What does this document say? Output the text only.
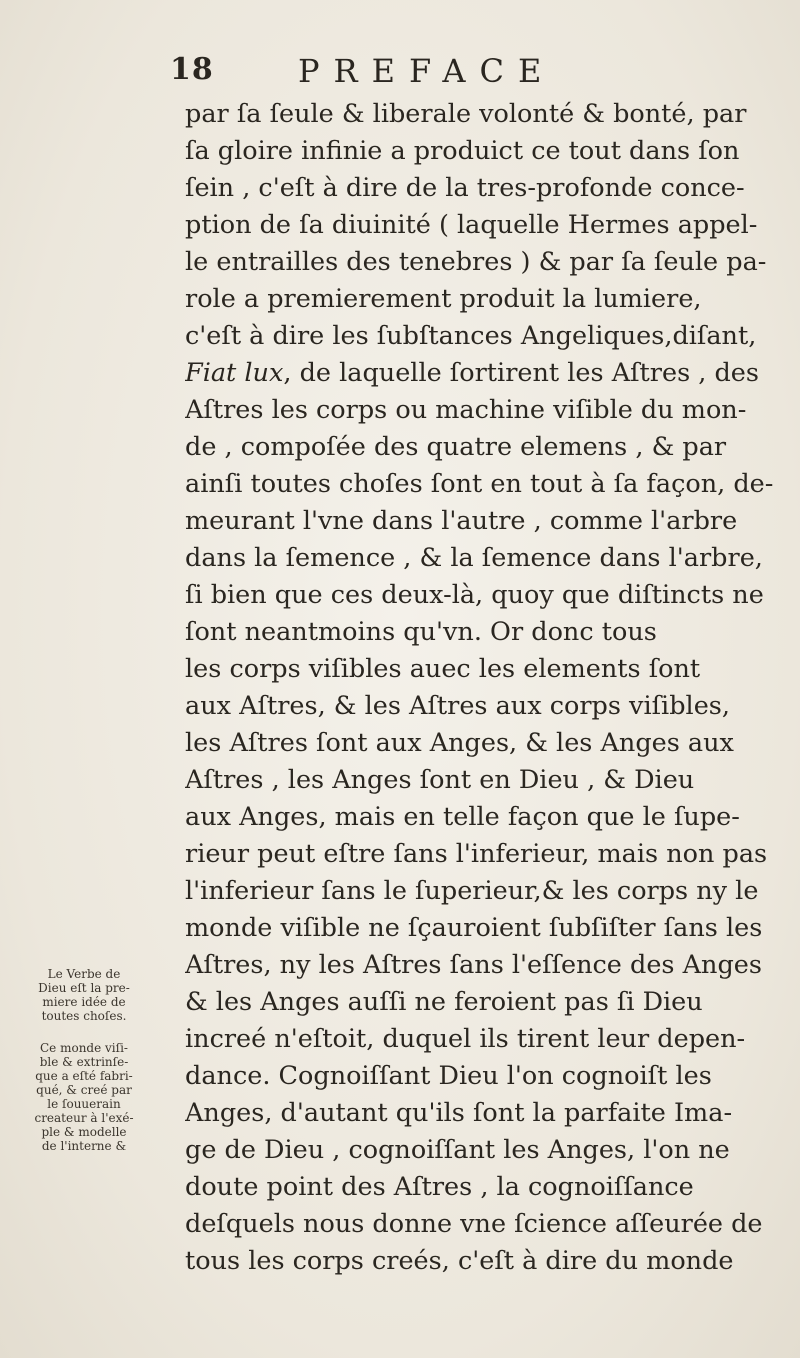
18	PREFACE
Le Verbe de
Dieu eſt la pre-
miere idée de
toutes choſes.
Ce monde viſi-
ble & extrinſe-
que a eſté fabri-
qué, & creé par
le ſouuerain
createur à l'exé-
ple & modelle
de l'interne &
par ſa ſeule & liberale volonté & bonté, par
ſa gloire infinie a produict ce tout dans ſon
ſein , c'eſt à dire de la tres-profonde conce-
ption de ſa diuinité ( laquelle Hermes appel-
le entrailles des tenebres ) & par ſa ſeule pa-
role a premierement produit la lumiere,
c'eſt à dire les ſubſtances Angeliques,diſant,
Fiat lux, de laquelle ſortirent les Aſtres , des
Aſtres les corps ou machine viſible du mon-
de , compoſée des quatre elemens , & par
ainſi toutes choſes ſont en tout à ſa façon, de-
meurant l'vne dans l'autre , comme l'arbre
dans la ſemence , & la ſemence dans l'arbre,
ſi bien que ces deux-là, quoy que diſtincts ne
ſont neantmoins qu'vn. Or donc tous
les corps viſibles auec les elements ſont
aux Aſtres, & les Aſtres aux corps viſibles,
les Aſtres ſont aux Anges, & les Anges aux
Aſtres , les Anges ſont en Dieu , & Dieu
aux Anges, mais en telle façon que le ſupe-
rieur peut eſtre ſans l'inferieur, mais non pas
l'inferieur ſans le ſuperieur,& les corps ny le
monde viſible ne ſçauroient ſubſiſter ſans les
Aſtres, ny les Aſtres ſans l'eſſence des Anges
& les Anges auſſi ne feroient pas ſi Dieu
increé n'eſtoit, duquel ils tirent leur depen-
dance. Cognoiſſant Dieu l'on cognoiſt les
Anges, d'autant qu'ils ſont la parfaite Ima-
ge de Dieu , cognoiſſant les Anges, l'on ne
doute point des Aſtres , la cognoiſſance
deſquels nous donne vne ſcience aſſeurée de
tous les corps creés, c'eſt à dire du monde
